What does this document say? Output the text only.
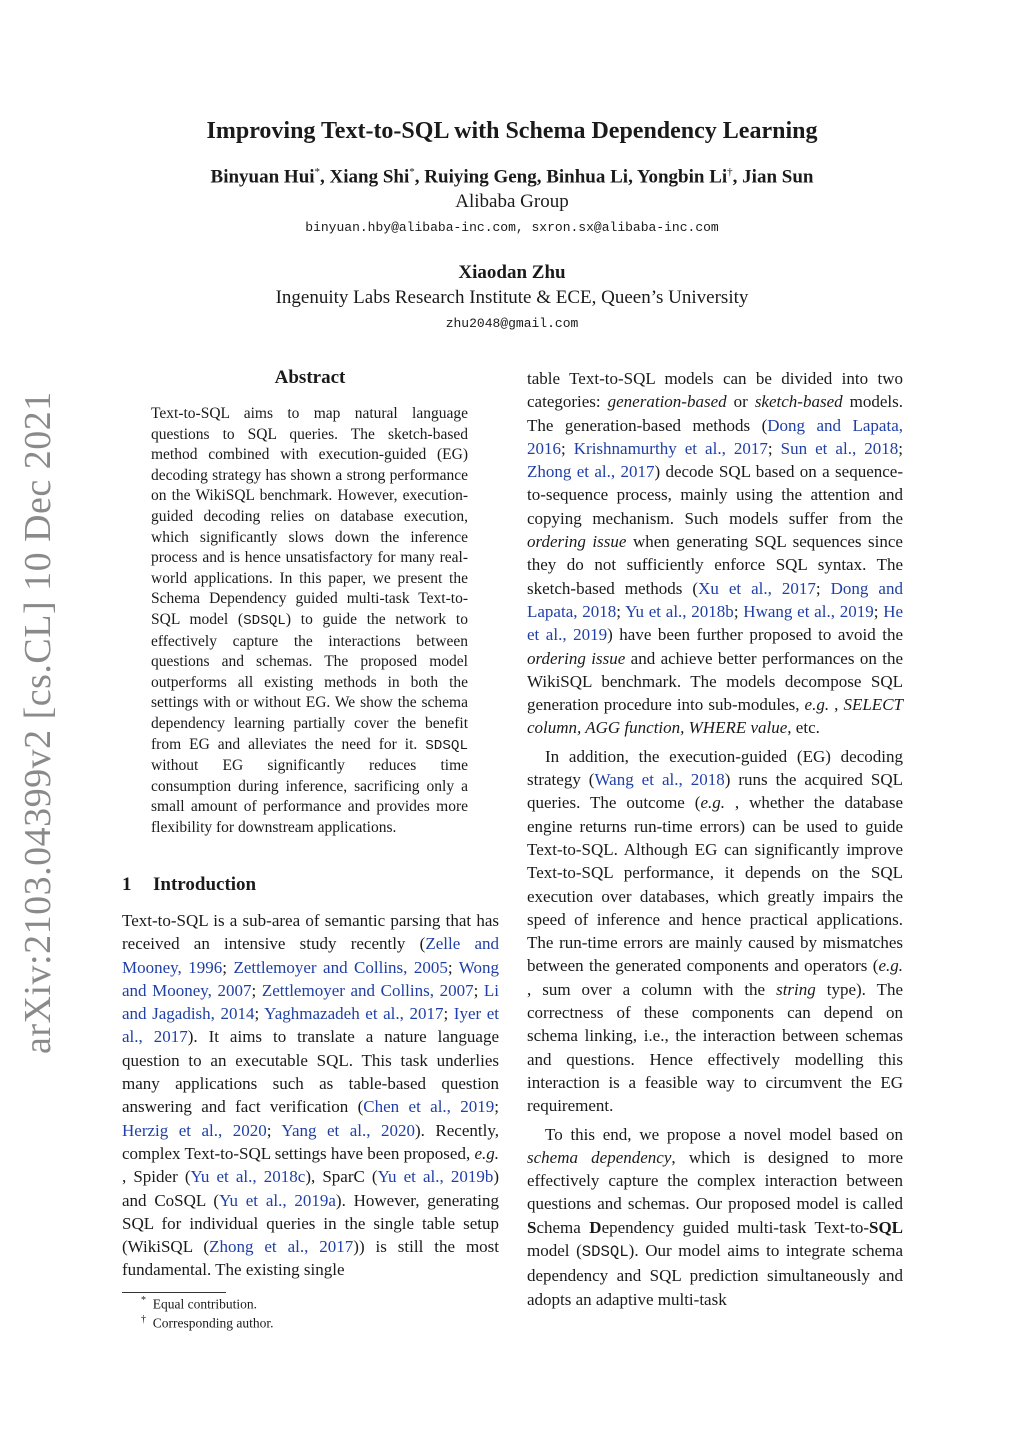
arXiv:2103.04399v2 [cs.CL] 10 Dec 2021
Improving Text-to-SQL with Schema Dependency Learning
Binyuan Hui*, Xiang Shi*, Ruiying Geng, Binhua Li, Yongbin Li†, Jian Sun
Alibaba Group
binyuan.hby@alibaba-inc.com, sxron.sx@alibaba-inc.com
Xiaodan Zhu
Ingenuity Labs Research Institute & ECE, Queen’s University
zhu2048@gmail.com
Abstract

Text-to-SQL aims to map natural language questions to SQL queries. The sketch-based method combined with execution-guided (EG) decoding strategy has shown a strong performance on the WikiSQL benchmark. However, execution-guided decoding relies on database execution, which significantly slows down the inference process and is hence unsatisfactory for many real-world applications. In this paper, we present the Schema Dependency guided multi-task Text-to-SQL model (SDSQL) to guide the network to effectively capture the interactions between questions and schemas. The proposed model outperforms all existing methods in both the settings with or without EG. We show the schema dependency learning partially cover the benefit from EG and alleviates the need for it. SDSQL without EG significantly reduces time consumption during inference, sacrificing only a small amount of performance and provides more flexibility for downstream applications.

1 Introduction

Text-to-SQL is a sub-area of semantic parsing that has received an intensive study recently (Zelle and Mooney, 1996; Zettlemoyer and Collins, 2005; Wong and Mooney, 2007; Zettlemoyer and Collins, 2007; Li and Jagadish, 2014; Yaghmazadeh et al., 2017; Iyer et al., 2017). It aims to translate a nature language question to an executable SQL. This task underlies many applications such as table-based question answering and fact verification (Chen et al., 2019; Herzig et al., 2020; Yang et al., 2020). Recently, complex Text-to-SQL settings have been proposed, e.g. , Spider (Yu et al., 2018c), SparC (Yu et al., 2019b) and CoSQL (Yu et al., 2019a). However, generating SQL for individual queries in the single table setup (WikiSQL (Zhong et al., 2017)) is still the most fundamental. The existing single

table Text-to-SQL models can be divided into two categories: generation-based or sketch-based models. The generation-based methods (Dong and Lapata, 2016; Krishnamurthy et al., 2017; Sun et al., 2018; Zhong et al., 2017) decode SQL based on a sequence-to-sequence process, mainly using the attention and copying mechanism. Such models suffer from the ordering issue when generating SQL sequences since they do not sufficiently enforce SQL syntax. The sketch-based methods (Xu et al., 2017; Dong and Lapata, 2018; Yu et al., 2018b; Hwang et al., 2019; He et al., 2019) have been further proposed to avoid the ordering issue and achieve better performances on the WikiSQL benchmark. The models decompose SQL generation procedure into sub-modules, e.g. , SELECT column, AGG function, WHERE value, etc.

In addition, the execution-guided (EG) decoding strategy (Wang et al., 2018) runs the acquired SQL queries. The outcome (e.g. , whether the database engine returns run-time errors) can be used to guide Text-to-SQL. Although EG can significantly improve Text-to-SQL performance, it depends on the SQL execution over databases, which greatly impairs the speed of inference and hence practical applications. The run-time errors are mainly caused by mismatches between the generated components and operators (e.g. , sum over a column with the string type). The correctness of these components can depend on schema linking, i.e., the interaction between schemas and questions. Hence effectively modelling this interaction is a feasible way to circumvent the EG requirement.

To this end, we propose a novel model based on schema dependency, which is designed to more effectively capture the complex interaction between questions and schemas. Our proposed model is called Schema Dependency guided multi-task Text-to-SQL model (SDSQL). Our model aims to integrate schema dependency and SQL prediction simultaneously and adopts an adaptive multi-task

* Equal contribution.
† Corresponding author.
